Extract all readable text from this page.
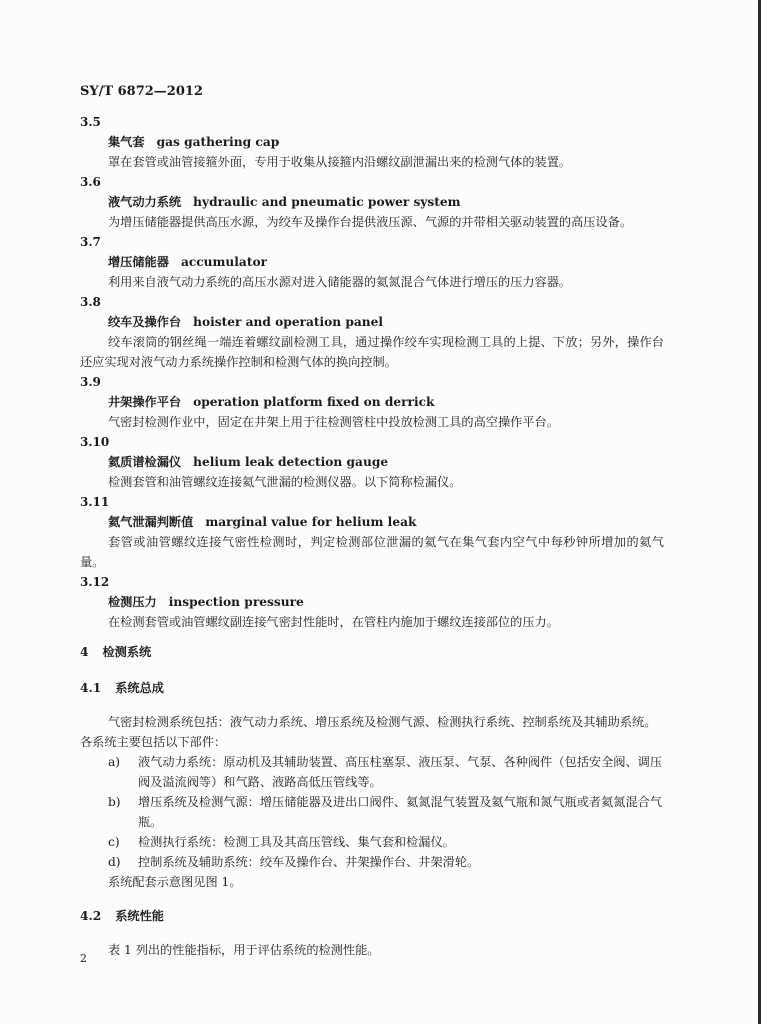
SY/T 6872—2012
3.5
集气套 gas gathering cap
罩在套管或油管接箍外面，专用于收集从接箍内沿螺纹副泄漏出来的检测气体的装置。
3.6
液气动力系统 hydraulic and pneumatic power system
为增压储能器提供高压水源，为绞车及操作台提供液压源、气源的并带相关驱动装置的高压设备。
3.7
增压储能器 accumulator
利用来自液气动力系统的高压水源对进入储能器的氦氮混合气体进行增压的压力容器。
3.8
绞车及操作台 hoister and operation panel
绞车滚筒的钢丝绳一端连着螺纹副检测工具，通过操作绞车实现检测工具的上提、下放；另外，操作台还应实现对液气动力系统操作控制和检测气体的换向控制。
3.9
井架操作平台 operation platform fixed on derrick
气密封检测作业中，固定在井架上用于往检测管柱中投放检测工具的高空操作平台。
3.10
氦质谱检漏仪 helium leak detection gauge
检测套管和油管螺纹连接氦气泄漏的检测仪器。以下简称检漏仪。
3.11
氦气泄漏判断值 marginal value for helium leak
套管或油管螺纹连接气密性检测时，判定检测部位泄漏的氦气在集气套内空气中每秒钟所增加的氦气量。
3.12
检测压力 inspection pressure
在检测套管或油管螺纹副连接气密封性能时，在管柱内施加于螺纹连接部位的压力。
4 检测系统
4.1 系统总成
气密封检测系统包括：液气动力系统、增压系统及检测气源、检测执行系统、控制系统及其辅助系统。各系统主要包括以下部件：
a)	液气动力系统：原动机及其辅助装置、高压柱塞泵、液压泵、气泵、各种阀件（包括安全阀、调压阀及溢流阀等）和气路、液路高低压管线等。
b)	增压系统及检测气源：增压储能器及进出口阀件、氦氮混气装置及氦气瓶和氮气瓶或者氦氮混合气瓶。
c)	检测执行系统：检测工具及其高压管线、集气套和检漏仪。
d)	控制系统及辅助系统：绞车及操作台、井架操作台、井架滑轮。
系统配套示意图见图 1。
4.2 系统性能
表 1 列出的性能指标，用于评估系统的检测性能。
2
